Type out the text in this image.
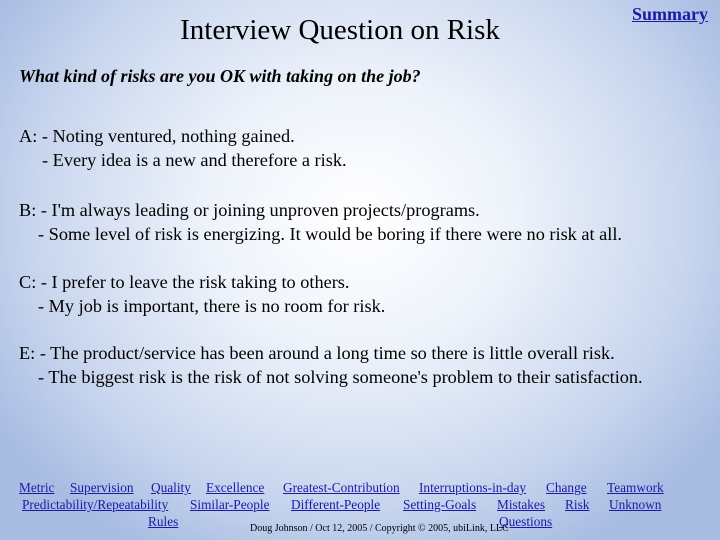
Interview Question on Risk	Summary
What kind of risks are you OK with taking on the job?
A: - Noting ventured, nothing gained.
- Every idea is a new and therefore a risk.
B: - I'm always leading or joining unproven projects/programs.
- Some level of risk is energizing. It would be boring if there were no risk at all.
C: - I prefer to leave the risk taking to others.
- My job is important, there is no room for risk.
E: - The product/service has been around a long time so there is little overall risk.
- The biggest risk is the risk of not solving someone's problem to their satisfaction.
Metric Supervision Quality Excellence Greatest-Contribution Interruptions-in-day Change Teamwork
Predictability/Repeatability Similar-People Different-People Setting-Goals Mistakes Risk Unknown
Rules	Questions
Doug Johnson / Oct 12, 2005 / Copyright © 2005, ubiLink, LLC
